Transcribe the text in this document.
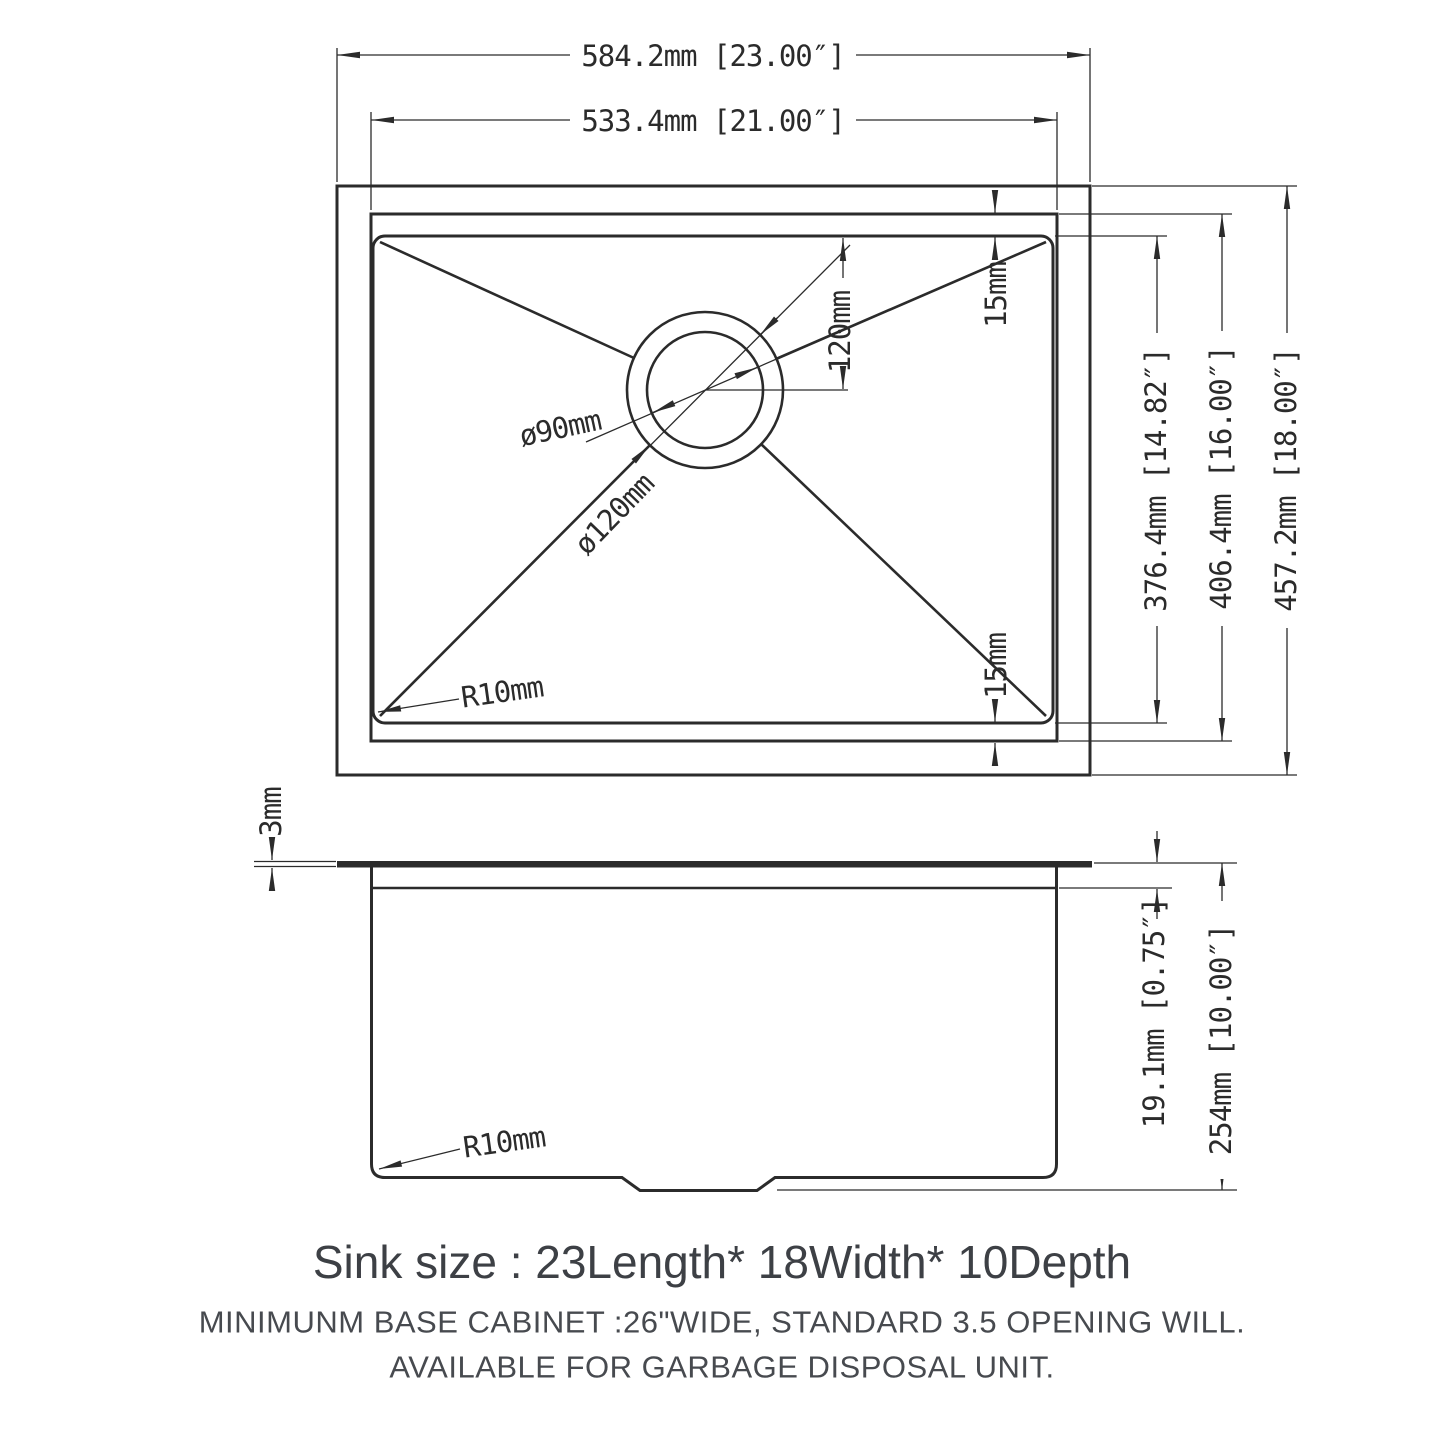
ø90mm
ø120mm
120mm	15mm
15mm
584.2mm [23.00″]
533.4mm [21.00″]
376.4mm [14.82″] 406.4mm [16.00″] 457.2mm [18.00″]
R10mm
3mm
R10mm
19.1mm [0.75″] 254mm [10.00″]
Sink size : 23Length* 18Width* 10Depth
MINIMUNM BASE CABINET :26"WIDE, STANDARD 3.5 OPENING WILL.
AVAILABLE FOR GARBAGE DISPOSAL UNIT.
